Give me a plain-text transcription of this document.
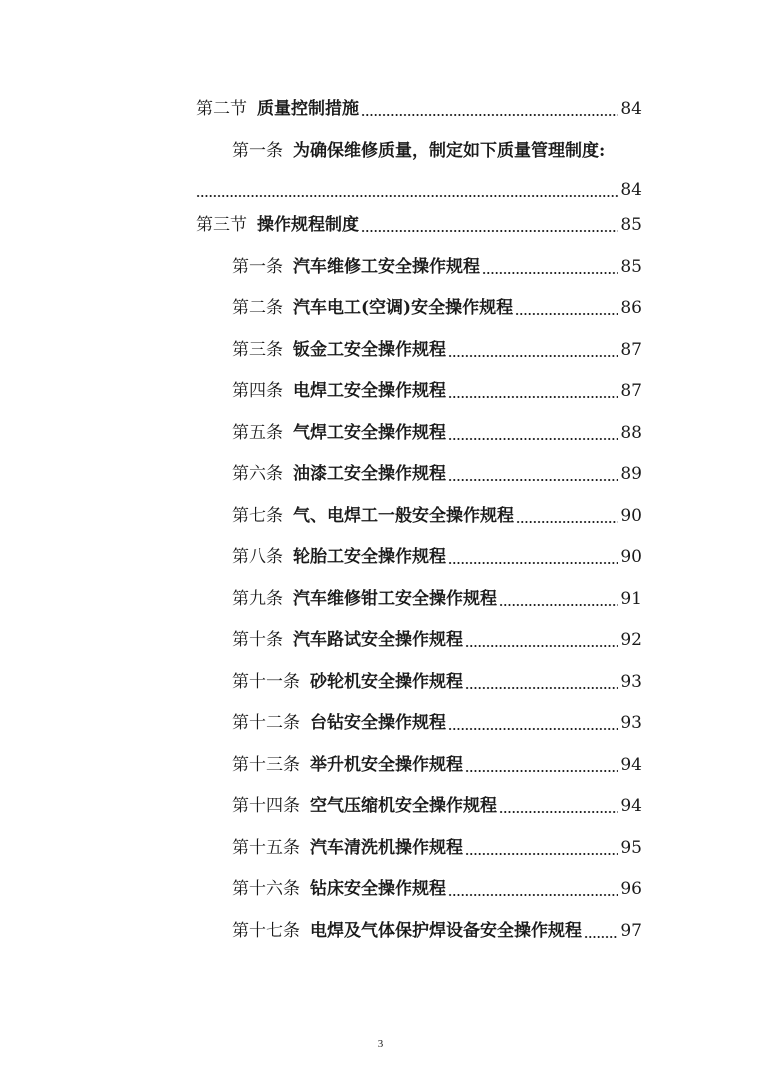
第二节 质量控制措施	84
第一条 为确保维修质量，制定如下质量管理制度:
84
第三节 操作规程制度	85
第一条 汽车维修工安全操作规程	85
第二条 汽车电工(空调)安全操作规程	86
第三条 钣金工安全操作规程	87
第四条 电焊工安全操作规程	87
第五条 气焊工安全操作规程	88
第六条 油漆工安全操作规程	89
第七条 气、电焊工一般安全操作规程	90
第八条 轮胎工安全操作规程	90
第九条 汽车维修钳工安全操作规程	91
第十条 汽车路试安全操作规程	92
第十一条 砂轮机安全操作规程	93
第十二条 台钻安全操作规程	93
第十三条 举升机安全操作规程	94
第十四条 空气压缩机安全操作规程	94
第十五条 汽车清洗机操作规程	95
第十六条 钻床安全操作规程	96
第十七条 电焊及气体保护焊设备安全操作规程 97
3
